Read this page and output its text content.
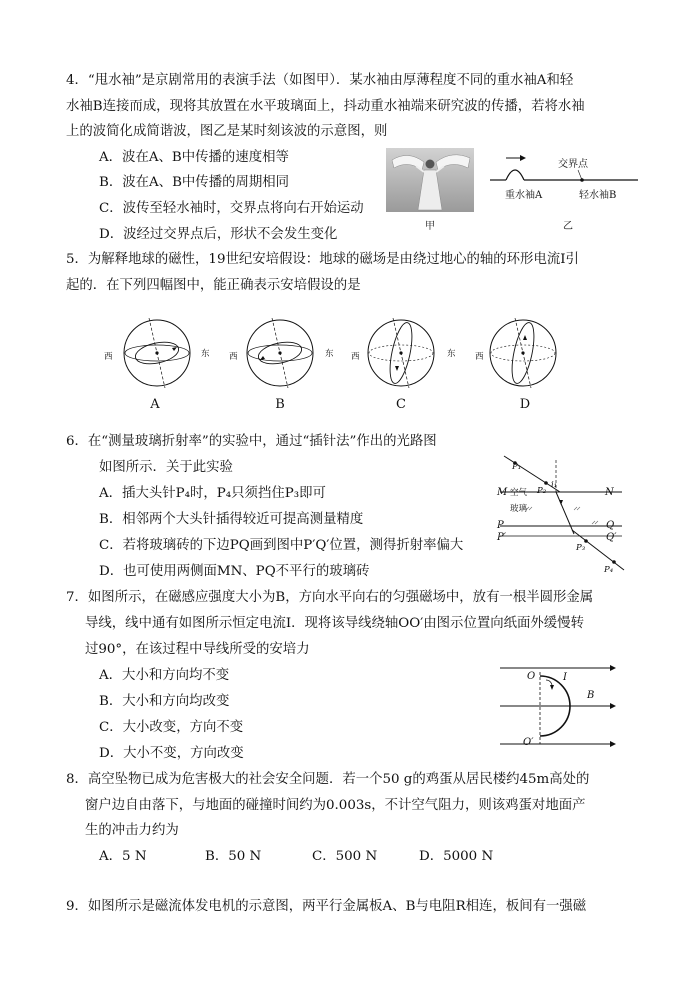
4．“甩水袖”是京剧常用的表演手法（如图甲）．某水袖由厚薄程度不同的重水袖A和轻
水袖B连接而成，现将其放置在水平玻璃面上，抖动重水袖端来研究波的传播，若将水袖
上的波简化成简谐波，图乙是某时刻该波的示意图，则
A．波在A、B中传播的速度相等
B．波在A、B中传播的周期相同
C．波传至轻水袖时，交界点将向右开始运动
D．波经过交界点后，形状不会发生变化
甲
交界点
重水袖A	轻水袖B
乙
5．为解释地球的磁性，19世纪安培假设：地球的磁场是由绕过地心的轴的环形电流I引
起的．在下列四幅图中，能正确表示安培假设的是
西	东
A
西	东
B
西	东
C
西
D
6．在“测量玻璃折射率”的实验中，通过“插针法”作出的光路图
如图所示．关于此实验
A．插大头针P₄时，P₄只须挡住P₃即可
B．相邻两个大头针插得较近可提高测量精度
C．若将玻璃砖的下边PQ画到图中P′Q′位置，测得折射率偏大
D．也可使用两侧面MN、PQ不平行的玻璃砖
P₁
i₁
M 空气 P₂	N
玻璃
P	Q
P′	Q′
P₃
P₄
7．如图所示，在磁感应强度大小为B，方向水平向右的匀强磁场中，放有一根半圆形金属
导线，线中通有如图所示恒定电流I．现将该导线绕轴OO′由图示位置向纸面外缓慢转
过90°，在该过程中导线所受的安培力
A．大小和方向均不变
B．大小和方向均改变
C．大小改变，方向不变
D．大小不变，方向改变
O	I
B
O′
8．高空坠物已成为危害极大的社会安全问题．若一个50 g的鸡蛋从居民楼约45m高处的
窗户边自由落下，与地面的碰撞时间约为0.003s，不计空气阻力，则该鸡蛋对地面产
生的冲击力约为
A．5 N	B．50 N	C．500 N	D．5000 N
9．如图所示是磁流体发电机的示意图，两平行金属板A、B与电阻R相连，板间有一强磁
